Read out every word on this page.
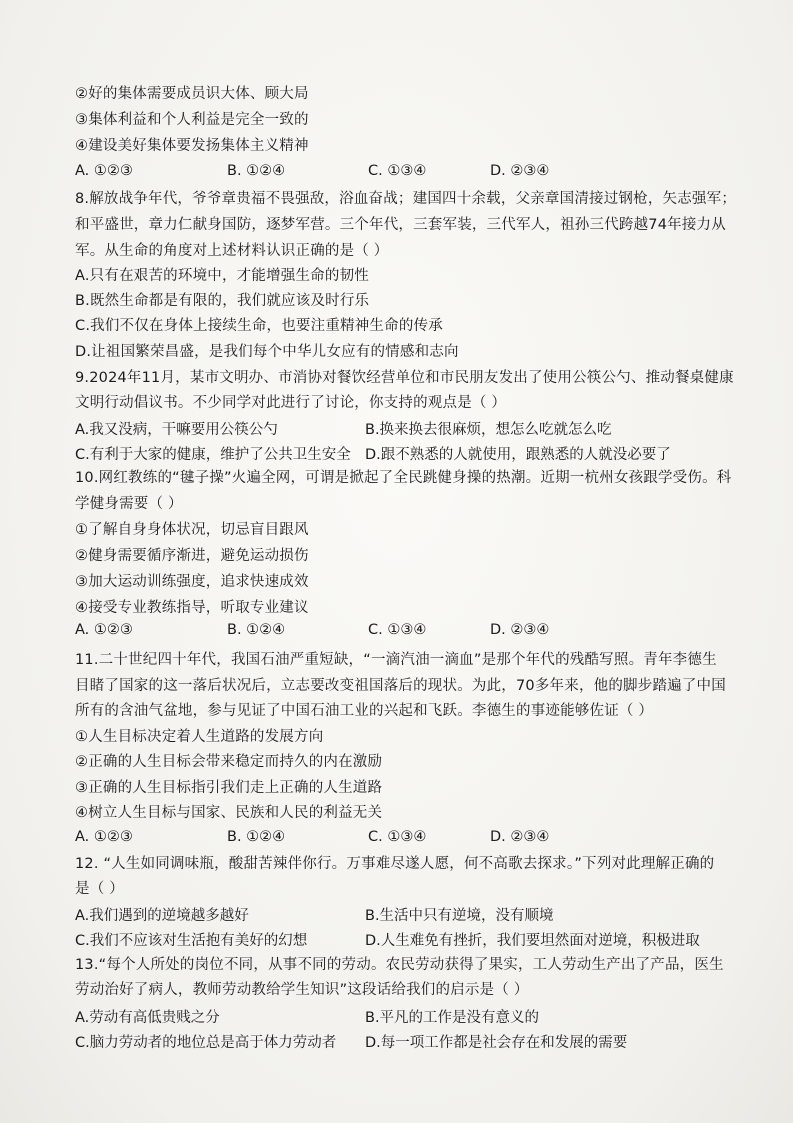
②好的集体需要成员识大体、顾大局
③集体利益和个人利益是完全一致的
④建设美好集体要发扬集体主义精神
A. ①②③	B. ①②④	C. ①③④	D. ②③④
8.解放战争年代，爷爷章贵福不畏强敌，浴血奋战；建国四十余载，父亲章国清接过钢枪，矢志强军；
和平盛世，章力仁献身国防，逐梦军营。三个年代，三套军装，三代军人，祖孙三代跨越74年接力从
军。从生命的角度对上述材料认识正确的是（ ）
A.只有在艰苦的环境中，才能增强生命的韧性
B.既然生命都是有限的，我们就应该及时行乐
C.我们不仅在身体上接续生命，也要注重精神生命的传承
D.让祖国繁荣昌盛，是我们每个中华儿女应有的情感和志向
9.2024年11月，某市文明办、市消协对餐饮经营单位和市民朋友发出了使用公筷公勺、推动餐桌健康
文明行动倡议书。不少同学对此进行了讨论，你支持的观点是（ ）
A.我又没病，干嘛要用公筷公勺	B.换来换去很麻烦，想怎么吃就怎么吃
C.有利于大家的健康，维护了公共卫生安全 D.跟不熟悉的人就使用，跟熟悉的人就没必要了
10.网红教练的“毽子操”火遍全网，可谓是掀起了全民跳健身操的热潮。近期一杭州女孩跟学受伤。科
学健身需要（ ）
①了解自身身体状况，切忌盲目跟风
②健身需要循序渐进，避免运动损伤
③加大运动训练强度，追求快速成效
④接受专业教练指导，听取专业建议
A. ①②③	B. ①②④	C. ①③④	D. ②③④
11.二十世纪四十年代，我国石油严重短缺，“一滴汽油一滴血”是那个年代的残酷写照。青年李德生
目睹了国家的这一落后状况后，立志要改变祖国落后的现状。为此，70多年来，他的脚步踏遍了中国
所有的含油气盆地，参与见证了中国石油工业的兴起和飞跃。李德生的事迹能够佐证（ ）
①人生目标决定着人生道路的发展方向
②正确的人生目标会带来稳定而持久的内在激励
③正确的人生目标指引我们走上正确的人生道路
④树立人生目标与国家、民族和人民的利益无关
A. ①②③	B. ①②④	C. ①③④	D. ②③④
12. “人生如同调味瓶，酸甜苦辣伴你行。万事难尽遂人愿，何不高歌去探求。”下列对此理解正确的
是（ ）
A.我们遇到的逆境越多越好	B.生活中只有逆境，没有顺境
C.我们不应该对生活抱有美好的幻想	D.人生难免有挫折，我们要坦然面对逆境，积极进取
13.“每个人所处的岗位不同，从事不同的劳动。农民劳动获得了果实，工人劳动生产出了产品，医生
劳动治好了病人，教师劳动教给学生知识”这段话给我们的启示是（ ）
A.劳动有高低贵贱之分	B.平凡的工作是没有意义的
C.脑力劳动者的地位总是高于体力劳动者 D.每一项工作都是社会存在和发展的需要
